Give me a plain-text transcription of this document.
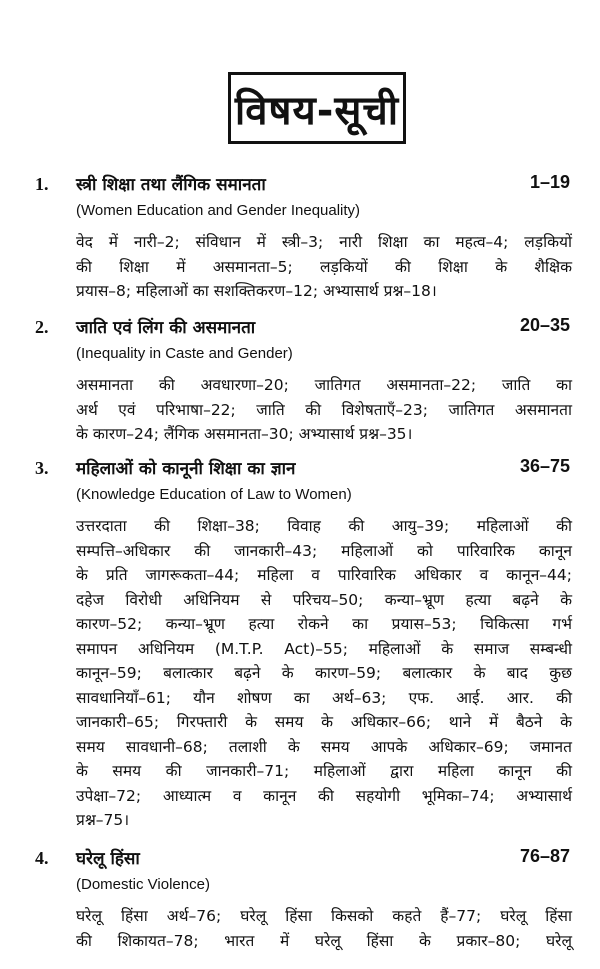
विषय-सूची
1. स्त्री शिक्षा तथा लैंगिक समानता	1–19
(Women Education and Gender Inequality)
वेद में नारी–2; संविधान में स्त्री–3; नारी शिक्षा का महत्व–4; लड़कियों
की शिक्षा में असमानता–5; लड़कियों की शिक्षा के शैक्षिक
प्रयास–8; महिलाओं का सशक्तिकरण–12; अभ्यासार्थ प्रश्न–18।
2. जाति एवं लिंग की असमानता	20–35
(Inequality in Caste and Gender)
असमानता की अवधारणा–20; जातिगत असमानता–22; जाति का
अर्थ एवं परिभाषा–22; जाति की विशेषताएँ–23; जातिगत असमानता
के कारण–24; लैंगिक असमानता–30; अभ्यासार्थ प्रश्न–35।
3. महिलाओं को कानूनी शिक्षा का ज्ञान	36–75
(Knowledge Education of Law to Women)
उत्तरदाता की शिक्षा–38; विवाह की आयु–39; महिलाओं की
सम्पत्ति–अधिकार की जानकारी–43; महिलाओं को पारिवारिक कानून
के प्रति जागरूकता–44; महिला व पारिवारिक अधिकार व कानून–44;
दहेज विरोधी अधिनियम से परिचय–50; कन्या–भ्रूण हत्या बढ़ने के
कारण–52; कन्या–भ्रूण हत्या रोकने का प्रयास–53; चिकित्सा गर्भ
समापन अधिनियम (M.T.P. Act)–55; महिलाओं के समाज सम्बन्धी
कानून–59; बलात्कार बढ़ने के कारण–59; बलात्कार के बाद कुछ
सावधानियाँ–61; यौन शोषण का अर्थ–63; एफ. आई. आर. की
जानकारी–65; गिरफ्तारी के समय के अधिकार–66; थाने में बैठने के
समय सावधानी–68; तलाशी के समय आपके अधिकार–69; जमानत
के समय की जानकारी–71; महिलाओं द्वारा महिला कानून की
उपेक्षा–72; आध्यात्म व कानून की सहयोगी भूमिका–74; अभ्यासार्थ
प्रश्न–75।
4. घरेलू हिंसा	76–87
(Domestic Violence)
घरेलू हिंसा अर्थ–76; घरेलू हिंसा किसको कहते हैं–77; घरेलू हिंसा
की शिकायत–78; भारत में घरेलू हिंसा के प्रकार–80; घरेलू
